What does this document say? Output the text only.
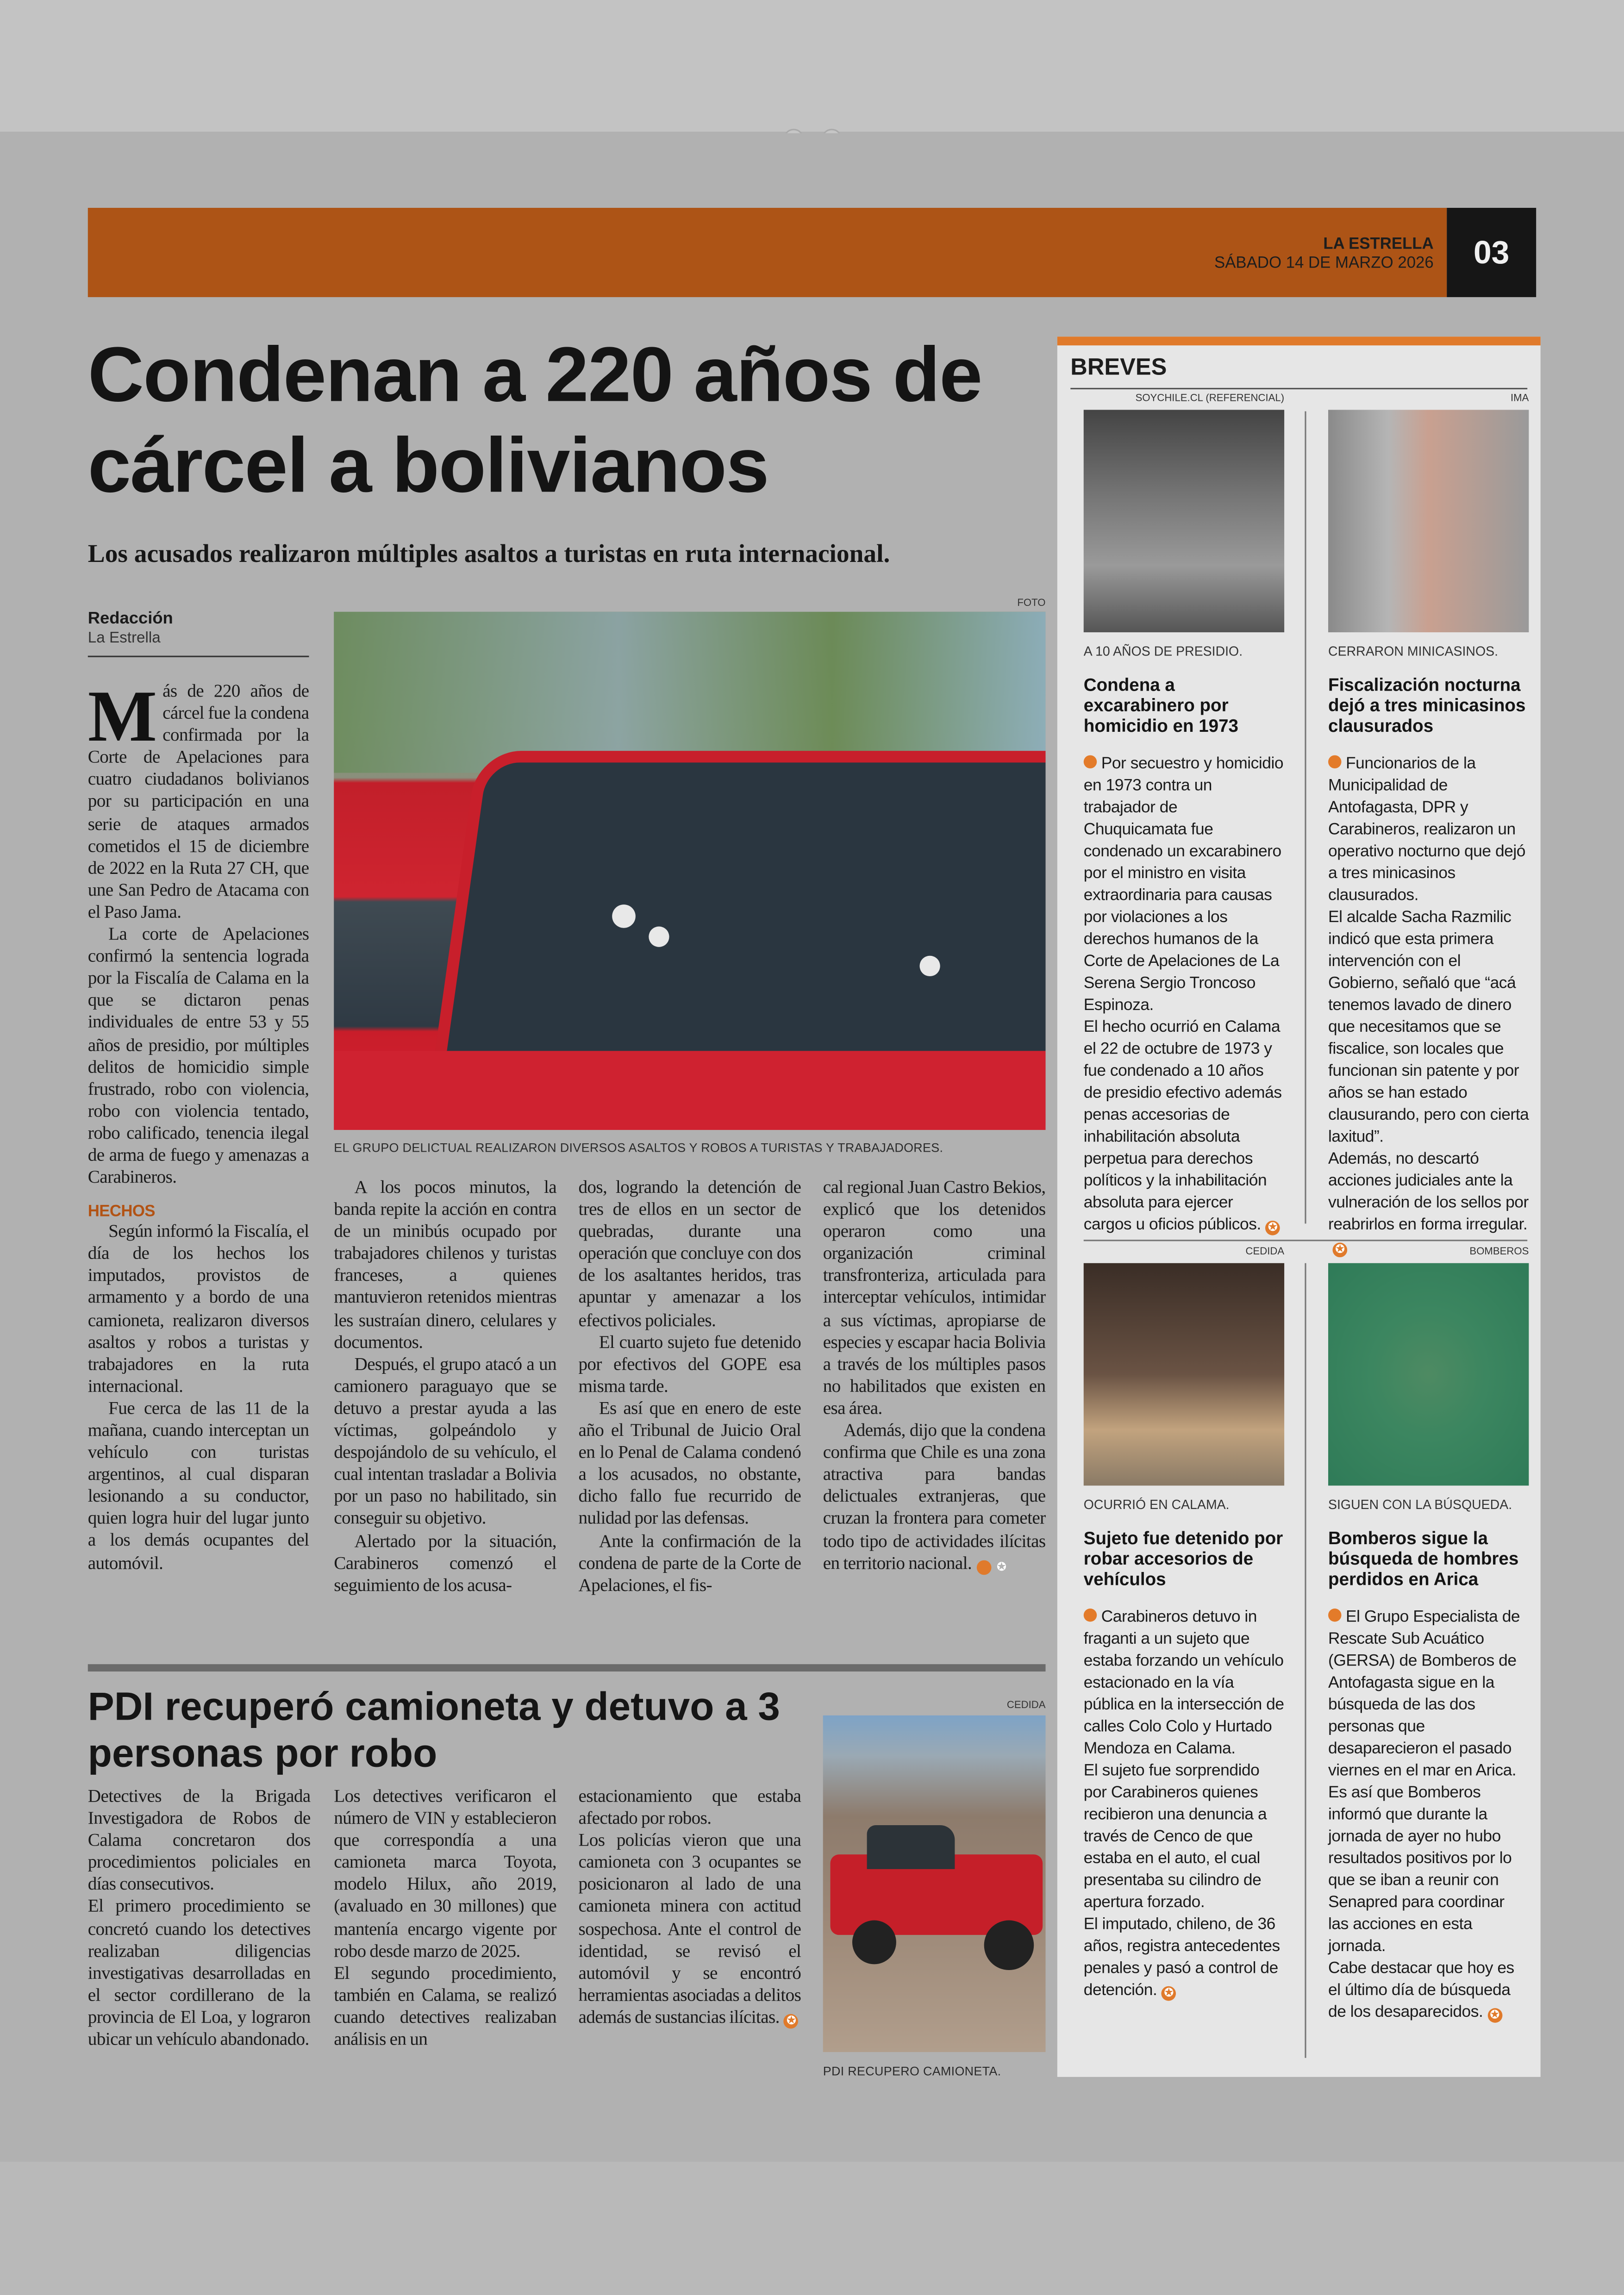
LA ESTRELLA
SÁBADO 14 DE MARZO 2026	03
Condenan a 220 años de cárcel a bolivianos
Los acusados realizaron múltiples asaltos a turistas en ruta internacional.
Redacción
La Estrella
FOTO
EL GRUPO DELICTUAL REALIZARON DIVERSOS ASALTOS Y ROBOS A TURISTAS Y TRABAJADORES.

M ás de 220 años de cárcel fue la condena confirmada por la Corte de Apelaciones para cuatro ciudadanos bolivianos por su participación en una serie de ataques armados cometidos el 15 de diciembre de 2022 en la Ruta 27 CH, que une San Pedro de Atacama con el Paso Jama.

La corte de Apelaciones confirmó la sentencia lograda por la Fiscalía de Calama en la que se dictaron penas individuales de entre 53 y 55 años de presidio, por múltiples delitos de homicidio simple frustrado, robo con violencia, robo con violencia tentado, robo calificado, tenencia ilegal de arma de fuego y amenazas a Carabineros.

HECHOS

Según informó la Fiscalía, el día de los hechos los imputados, provistos de armamento y a bordo de una camioneta, realizaron diversos asaltos y robos a turistas y trabajadores en la ruta internacional.

Fue cerca de las 11 de la mañana, cuando interceptan un vehículo con turistas argentinos, al cual disparan lesionando a su conductor, quien logra huir del lugar junto a los demás ocupantes del automóvil.

A los pocos minutos, la banda repite la acción en contra de un minibús ocupado por trabajadores chilenos y turistas franceses, a quienes mantuvieron retenidos mientras les sustraían dinero, celulares y documentos.

Después, el grupo atacó a un camionero paraguayo que se detuvo a prestar ayuda a las víctimas, golpeándolo y despojándolo de su vehículo, el cual intentan trasladar a Bolivia por un paso no habilitado, sin conseguir su objetivo.

Alertado por la situación, Carabineros comenzó el seguimiento de los acusa-

dos, logrando la detención de tres de ellos en un sector de quebradas, durante una operación que concluye con dos de los asaltantes heridos, tras apuntar y amenazar a los efectivos policiales.

El cuarto sujeto fue detenido por efectivos del GOPE esa misma tarde.

Es así que en enero de este año el Tribunal de Juicio Oral en lo Penal de Calama condenó a los acusados, no obstante, dicho fallo fue recurrido de nulidad por las defensas.

Ante la confirmación de la condena de parte de la Corte de Apelaciones, el fis-

cal regional Juan Castro Bekios, explicó que los detenidos operaron como una organización criminal transfronteriza, articulada para interceptar vehículos, intimidar a sus víctimas, apropiarse de especies y escapar hacia Bolivia a través de los múltiples pasos no habilitados que existen en esa área.

Además, dijo que la condena confirma que Chile es una zona atractiva para bandas delictuales extranjeras, que cruzan la frontera para cometer todo tipo de actividades ilícitas en territorio nacional.	✪

PDI recuperó camioneta y detuvo a 3 personas por robo

Detectives de la Brigada Investigadora de Robos de Calama concretaron dos procedimientos policiales en días consecutivos.

El primero procedimiento se concretó cuando los detectives realizaban diligencias investigativas desarrolladas en el sector cordillerano de la provincia de El Loa, y lograron ubicar un vehículo abandonado.

Los detectives verificaron el número de VIN y establecieron que correspondía a una camioneta marca Toyota, modelo Hilux, año 2019, (avaluado en 30 millones) que mantenía encargo vigente por robo desde marzo de 2025.

El segundo procedimiento, también en Calama, se realizó cuando detectives realizaban análisis en un

estacionamiento que estaba afectado por robos.

Los policías vieron que una camioneta con 3 ocupantes se posicionaron al lado de una camioneta minera con actitud sospechosa. Ante el control de identidad, se revisó el automóvil y se encontró herramientas asociadas a delitos además de sustancias ilícitas. ✪

CEDIDA
PDI RECUPERO CAMIONETA.
BREVES
SOYCHILE.CL (REFERENCIAL)
A 10 AÑOS DE PRESIDIO.
Condena a excarabinero por homicidio en 1973

Por secuestro y homicidio en 1973 contra un trabajador de Chuquicamata fue condenado un excarabinero por el ministro en visita extraordinaria para causas por violaciones a los derechos humanos de la Corte de Apelaciones de La Serena Sergio Troncoso Espinoza.

El hecho ocurrió en Calama el 22 de octubre de 1973 y fue condenado a 10 años de presidio efectivo además penas accesorias de inhabilitación absoluta perpetua para derechos políticos y la inhabilitación absoluta para ejercer cargos u oficios públicos. ✪

IMA
CERRARON MINICASINOS.
Fiscalización nocturna dejó a tres minicasinos clausurados

Funcionarios de la Municipalidad de Antofagasta, DPR y Carabineros, realizaron un operativo nocturno que dejó a tres minicasinos clausurados.

El alcalde Sacha Razmilic indicó que esta primera intervención con el Gobierno, señaló que “acá tenemos lavado de dinero que necesitamos que se fiscalice, son locales que funcionan sin patente y por años se han estado clausurando, pero con cierta laxitud”.

Además, no descartó acciones judiciales ante la vulneración de los sellos por reabrirlos en forma irregular.✪

CEDIDA
OCURRIÓ EN CALAMA.
Sujeto fue detenido por robar accesorios de vehículos

Carabineros detuvo in fraganti a un sujeto que estaba forzando un vehículo estacionado en la vía pública en la intersección de calles Colo Colo y Hurtado Mendoza en Calama.

El sujeto fue sorprendido por Carabineros quienes recibieron una denuncia a través de Cenco de que estaba en el auto, el cual presentaba su cilindro de apertura forzado.

El imputado, chileno, de 36 años, registra antecedentes penales y pasó a control de detención. ✪

BOMBEROS
SIGUEN CON LA BÚSQUEDA.
Bomberos sigue la búsqueda de hombres perdidos en Arica

El Grupo Especialista de Rescate Sub Acuático (GERSA) de Bomberos de Antofagasta sigue en la búsqueda de las dos personas que desaparecieron el pasado viernes en el mar en Arica.

Es así que Bomberos informó que durante la jornada de ayer no hubo resultados positivos por lo que se iban a reunir con Senapred para coordinar las acciones en esta jornada.

Cabe destacar que hoy es el último día de búsqueda de los desaparecidos. ✪
